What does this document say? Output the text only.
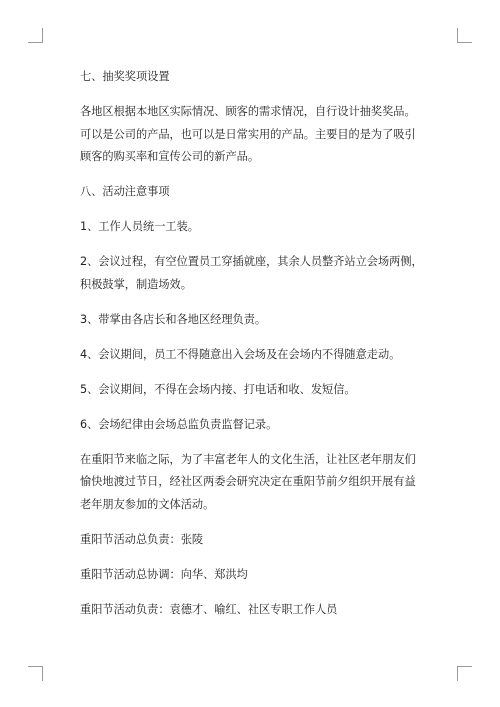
七、抽奖奖项设置

各地区根据本地区实际情况、顾客的需求情况，自行设计抽奖奖品。可以是公司的产品，也可以是日常实用的产品。主要目的是为了吸引顾客的购买率和宣传公司的新产品。

八、活动注意事项

1、工作人员统一工装。

2、会议过程，有空位置员工穿插就座，其余人员整齐站立会场两侧，积极鼓掌，制造场效。

3、带掌由各店长和各地区经理负责。

4、会议期间，员工不得随意出入会场及在会场内不得随意走动。

5、会议期间，不得在会场内接、打电话和收、发短信。

6、会场纪律由会场总监负责监督记录。

在重阳节来临之际，为了丰富老年人的文化生活，让社区老年朋友们愉快地渡过节日，经社区两委会研究决定在重阳节前夕组织开展有益老年朋友参加的文体活动。

重阳节活动总负责：张陵

重阳节活动总协调：向华、郑洪均

重阳节活动负责：袁德才、喻红、社区专职工作人员
